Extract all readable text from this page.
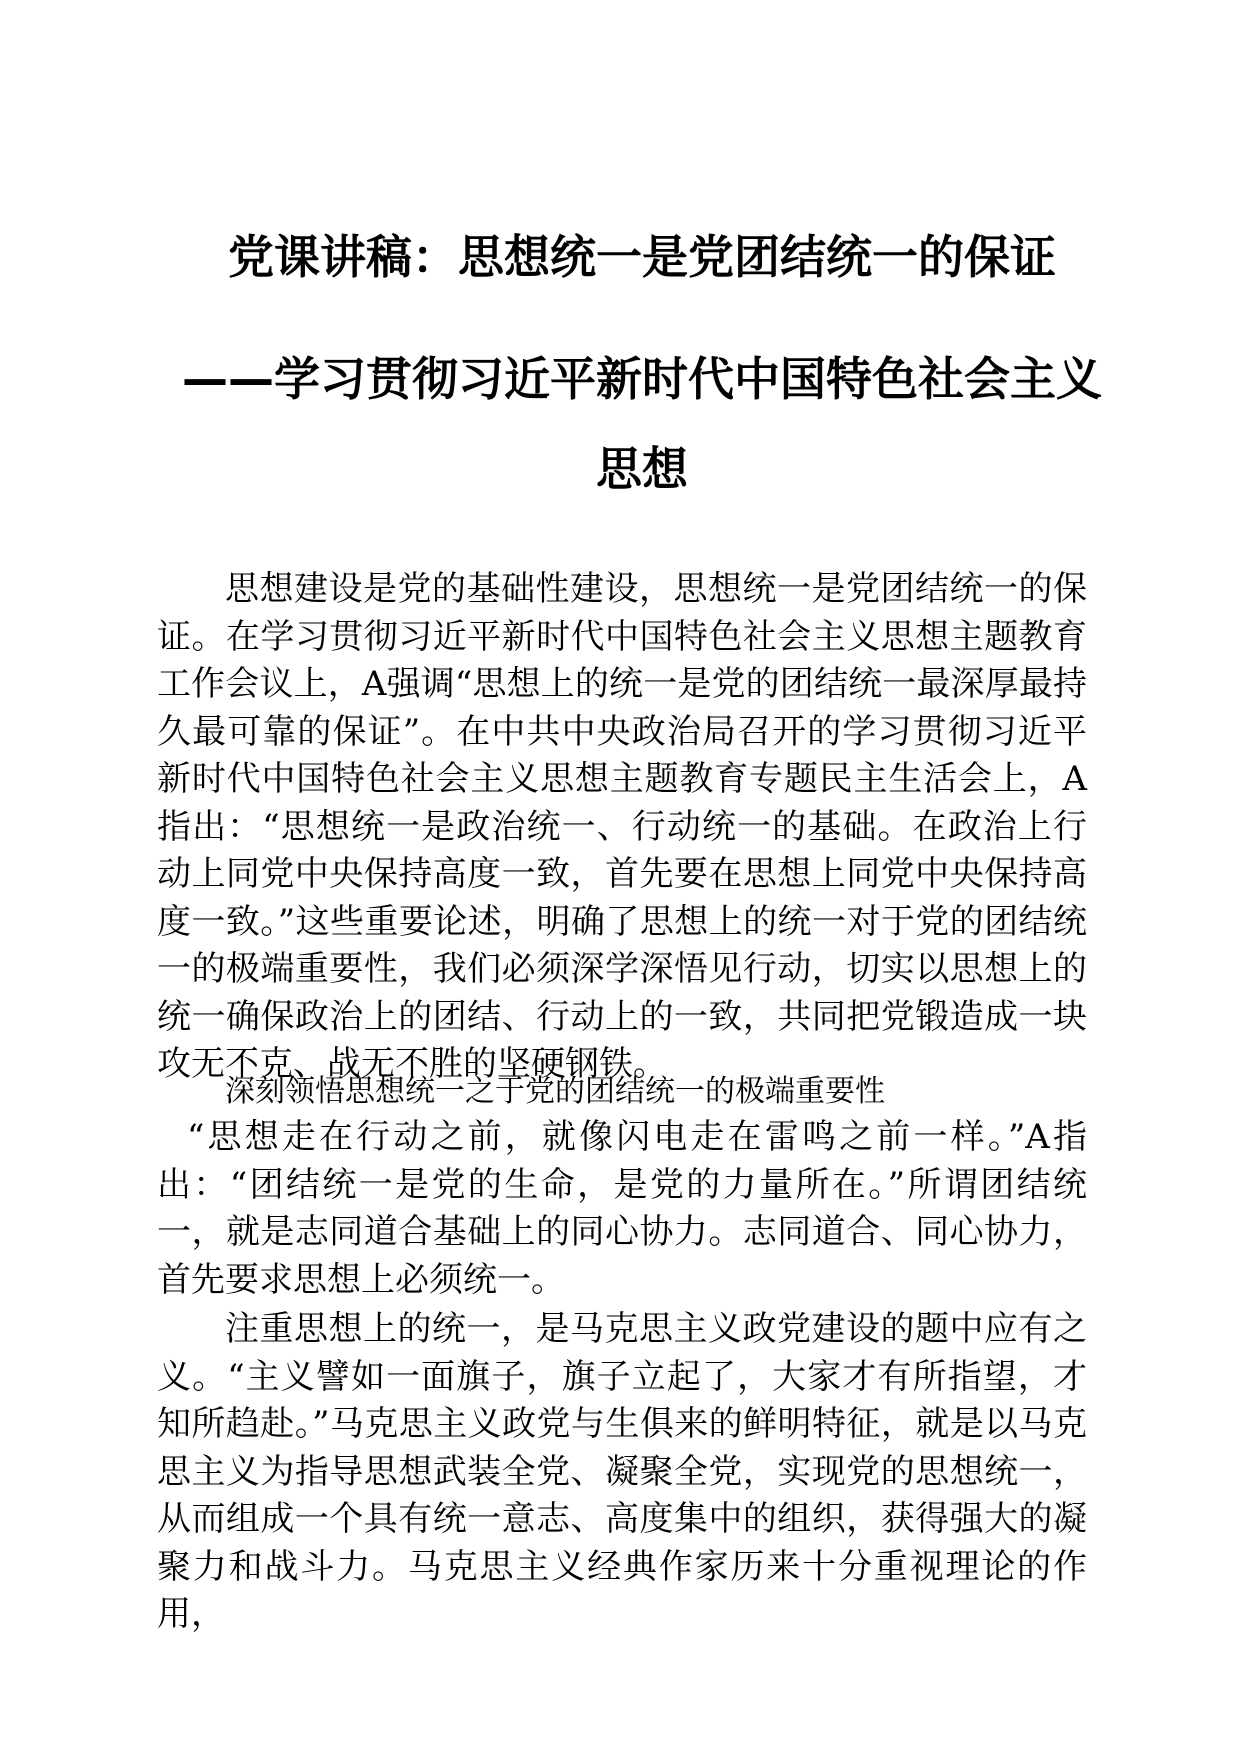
党课讲稿：思想统一是党团结统一的保证
——学习贯彻习近平新时代中国特色社会主义
思想

思想建设是党的基础性建设，思想统一是党团结统一的保证。在学习贯彻习近平新时代中国特色社会主义思想主题教育工作会议上，A强调“思想上的统一是党的团结统一最深厚最持久最可靠的保证”。在中共中央政治局召开的学习贯彻习近平新时代中国特色社会主义思想主题教育专题民主生活会上，A指出：“思想统一是政治统一、行动统一的基础。在政治上行动上同党中央保持高度一致，首先要在思想上同党中央保持高度一致。”这些重要论述，明确了思想上的统一对于党的团结统一的极端重要性，我们必须深学深悟见行动，切实以思想上的统一确保政治上的团结、行动上的一致，共同把党锻造成一块攻无不克、战无不胜的坚硬钢铁。

深刻领悟思想统一之于党的团结统一的极端重要性

“思想走在行动之前，就像闪电走在雷鸣之前一样。”A指出：“团结统一是党的生命，是党的力量所在。”所谓团结统一，就是志同道合基础上的同心协力。志同道合、同心协力，首先要求思想上必须统一。

注重思想上的统一，是马克思主义政党建设的题中应有之义。“主义譬如一面旗子，旗子立起了，大家才有所指望，才知所趋赴。”马克思主义政党与生俱来的鲜明特征，就是以马克思主义为指导思想武装全党、凝聚全党，实现党的思想统一，从而组成一个具有统一意志、高度集中的组织，获得强大的凝聚力和战斗力。马克思主义经典作家历来十分重视理论的作用，
